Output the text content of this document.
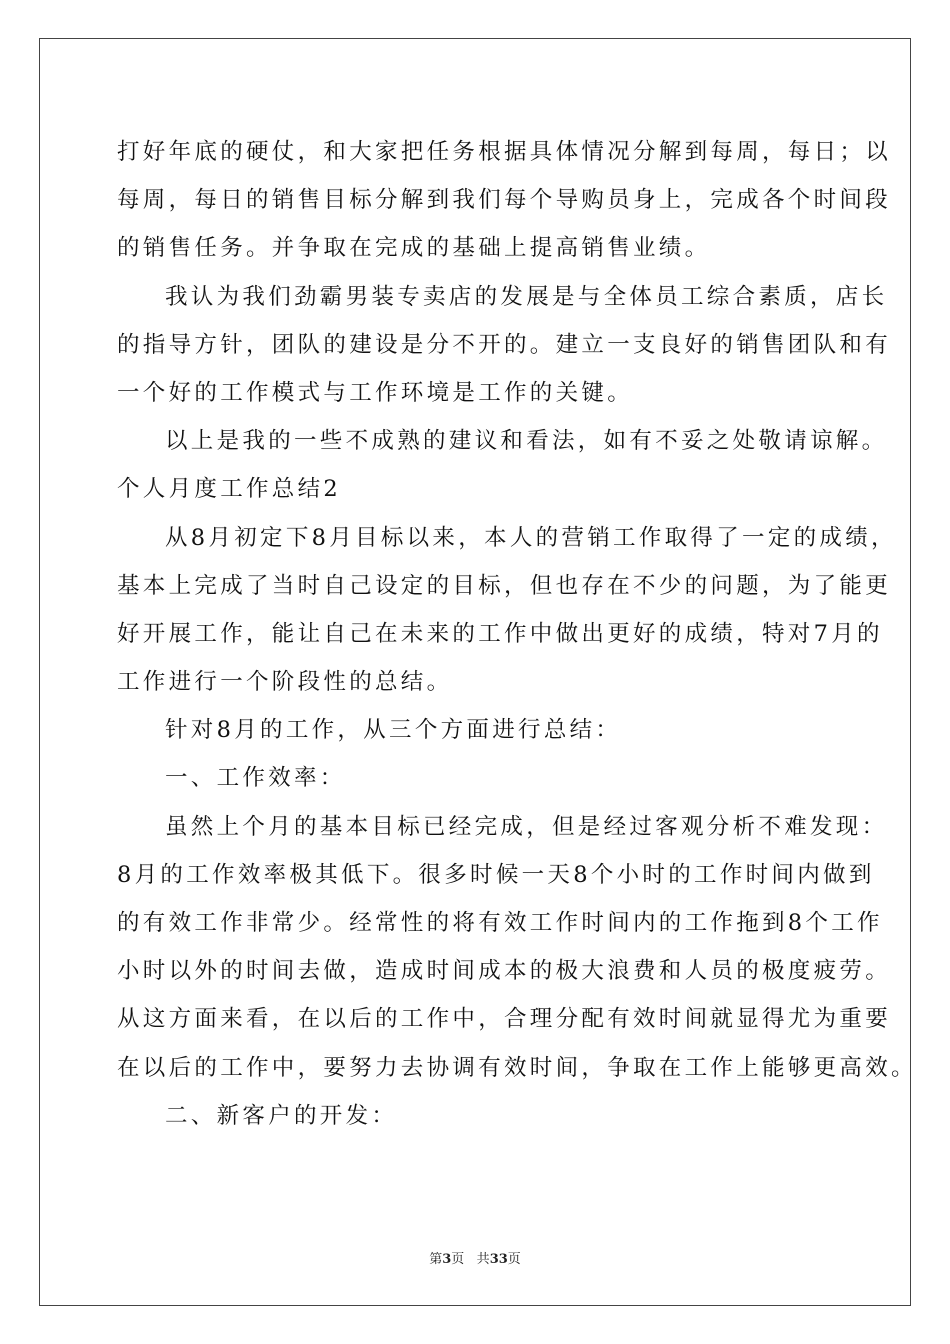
打好年底的硬仗，和大家把任务根据具体情况分解到每周，每日；以
每周，每日的销售目标分解到我们每个导购员身上，完成各个时间段
的销售任务。并争取在完成的基础上提高销售业绩。
我认为我们劲霸男装专卖店的发展是与全体员工综合素质，店长
的指导方针，团队的建设是分不开的。建立一支良好的销售团队和有
一个好的工作模式与工作环境是工作的关键。
以上是我的一些不成熟的建议和看法，如有不妥之处敬请谅解。
个人月度工作总结2
从8月初定下8月目标以来，本人的营销工作取得了一定的成绩，
基本上完成了当时自己设定的目标，但也存在不少的问题，为了能更
好开展工作，能让自己在未来的工作中做出更好的成绩，特对7月的
工作进行一个阶段性的总结。
针对8月的工作，从三个方面进行总结：
一、工作效率：
虽然上个月的基本目标已经完成，但是经过客观分析不难发现：
8月的工作效率极其低下。很多时候一天8个小时的工作时间内做到
的有效工作非常少。经常性的将有效工作时间内的工作拖到8个工作
小时以外的时间去做，造成时间成本的极大浪费和人员的极度疲劳。
从这方面来看，在以后的工作中，合理分配有效时间就显得尤为重要
在以后的工作中，要努力去协调有效时间，争取在工作上能够更高效。
二、新客户的开发：
第3页 共33页
